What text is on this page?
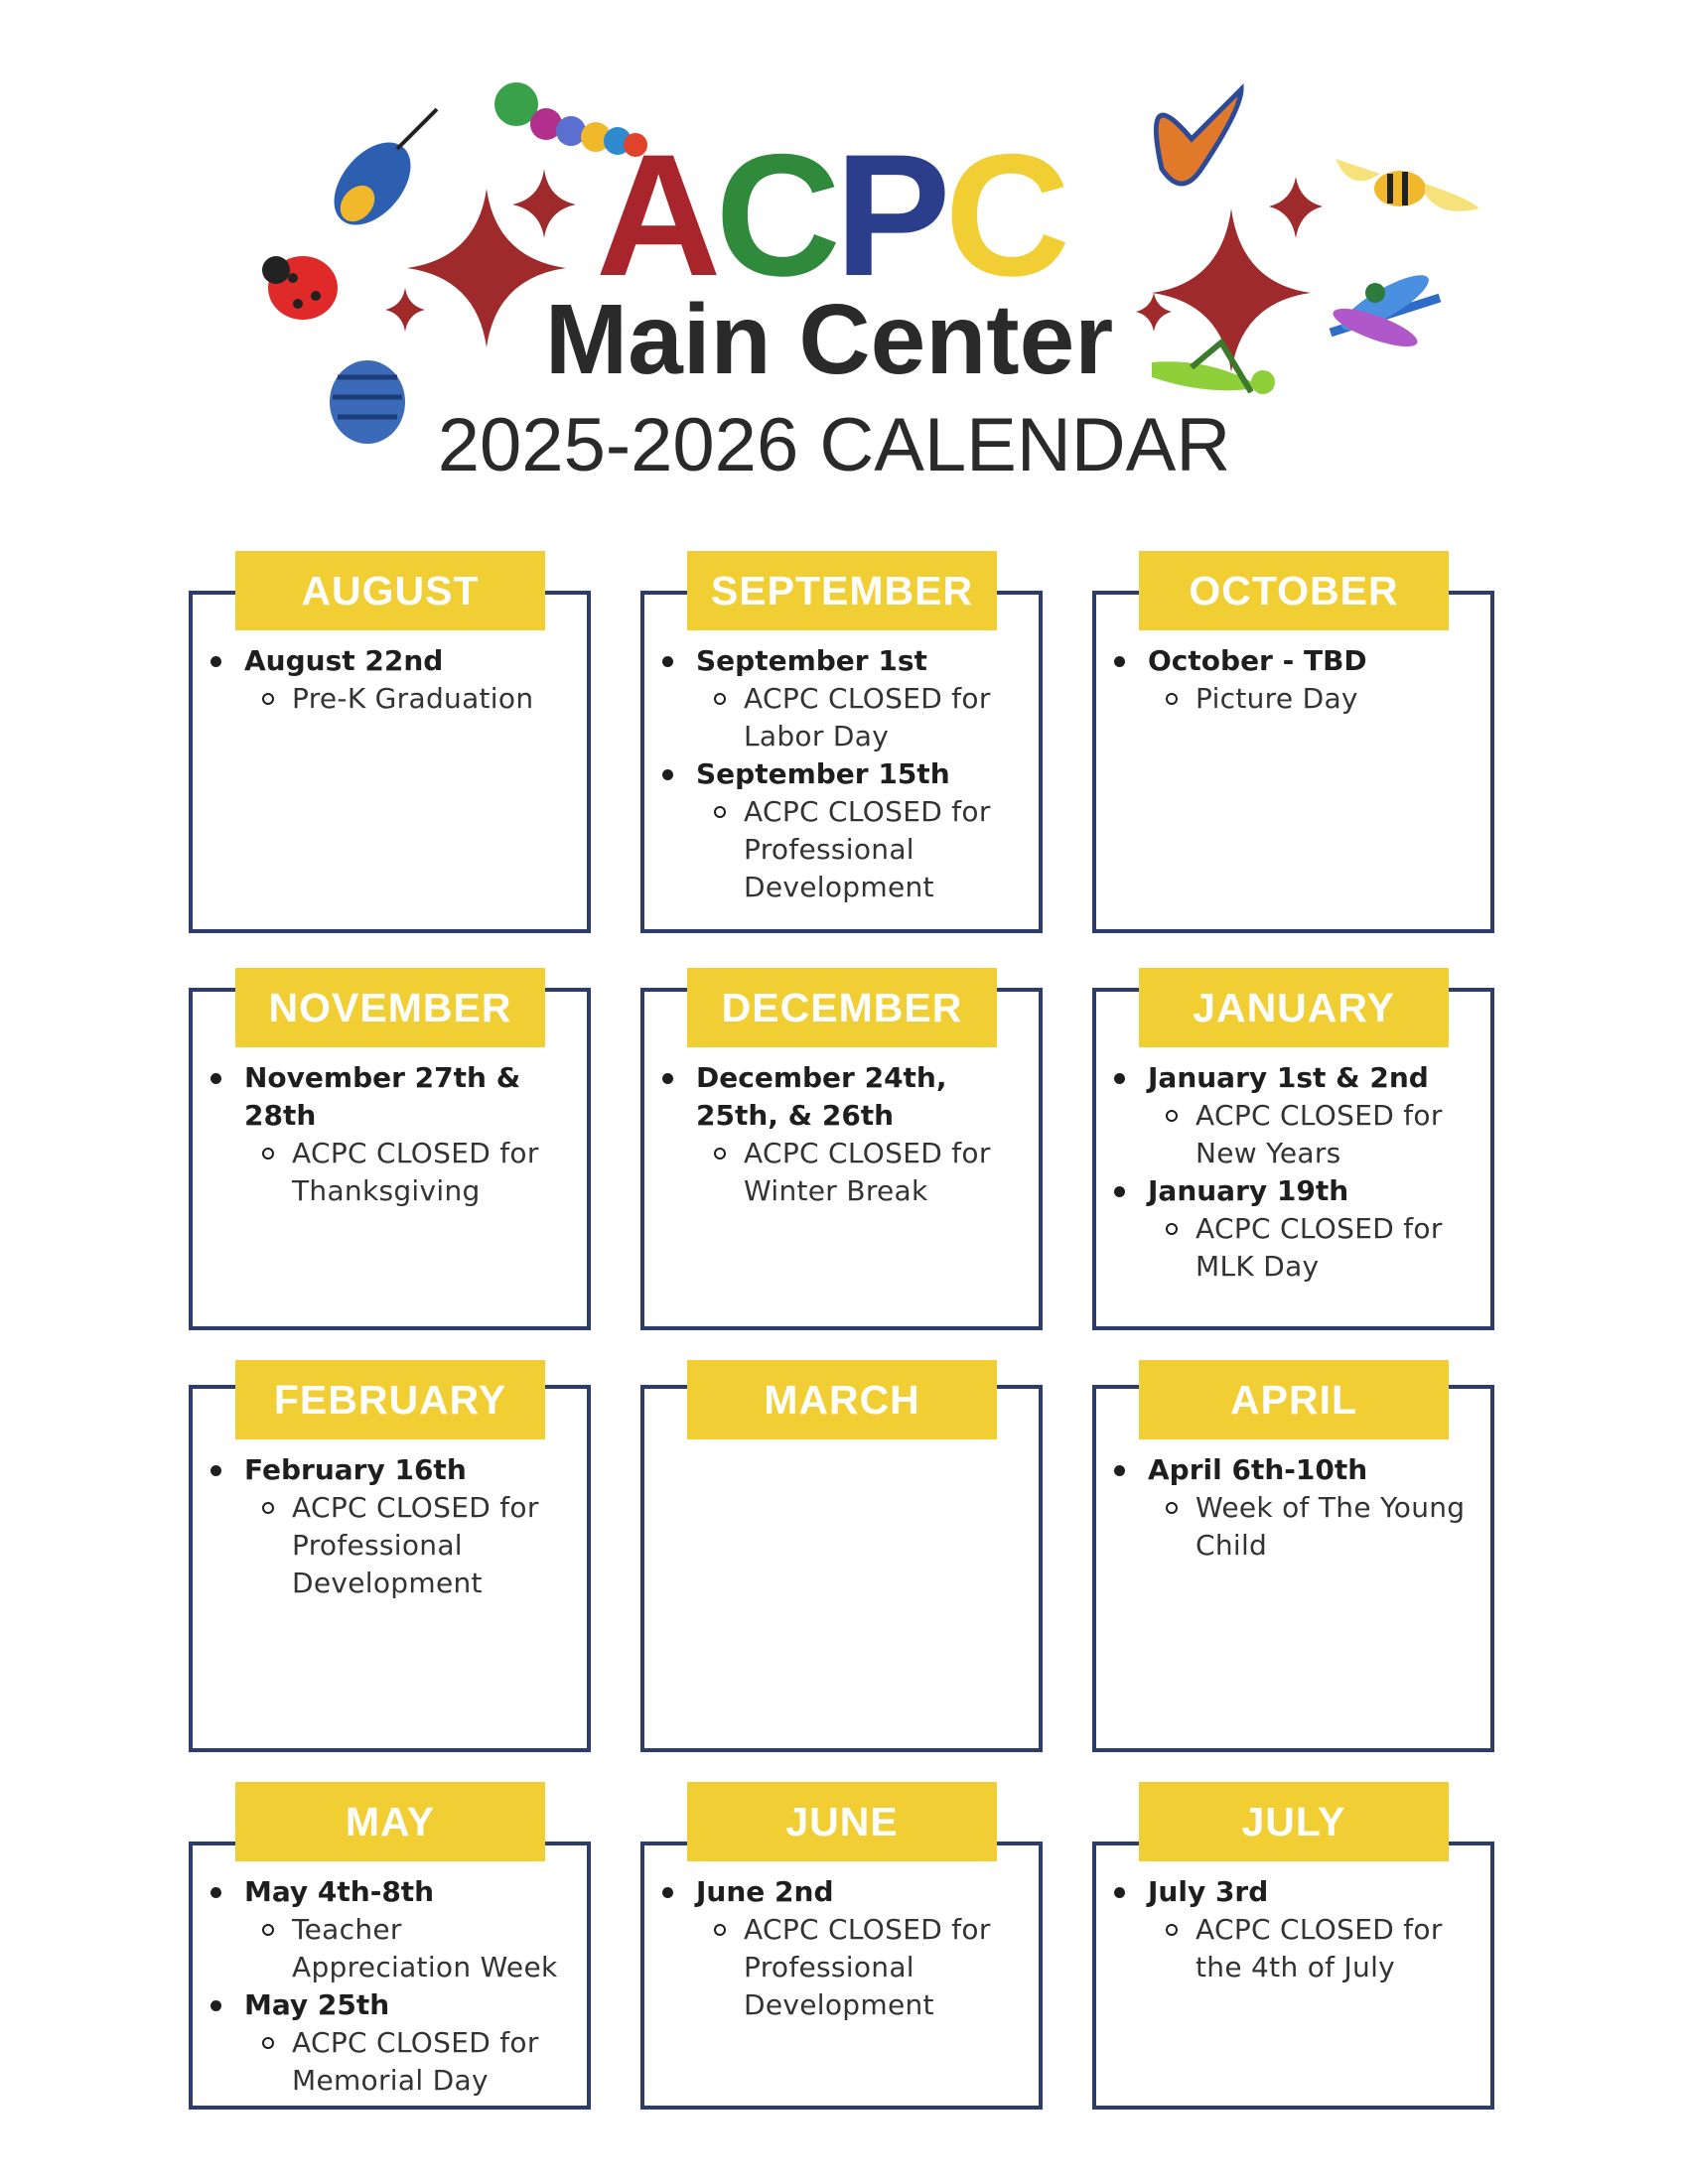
ACPC
Main Center
2025-2026 CALENDAR
AUGUST
August 22nd
Pre-K Graduation
SEPTEMBER
September 1st
ACPC CLOSED for Labor Day
September 15th
ACPC CLOSED for Professional Development
OCTOBER
October - TBD
Picture Day
NOVEMBER
November 27th & 28th
ACPC CLOSED for Thanksgiving
DECEMBER
December 24th, 25th, & 26th
ACPC CLOSED for Winter Break
JANUARY
January 1st & 2nd
ACPC CLOSED for New Years
January 19th
ACPC CLOSED for MLK Day
FEBRUARY
February 16th
ACPC CLOSED for Professional Development
MARCH	APRIL
April 6th-10th
Week of The Young Child
MAY
May 4th-8th
Teacher Appreciation Week
May 25th
ACPC CLOSED for Memorial Day
JUNE
June 2nd
ACPC CLOSED for Professional Development
JULY
July 3rd
ACPC CLOSED for the 4th of July
